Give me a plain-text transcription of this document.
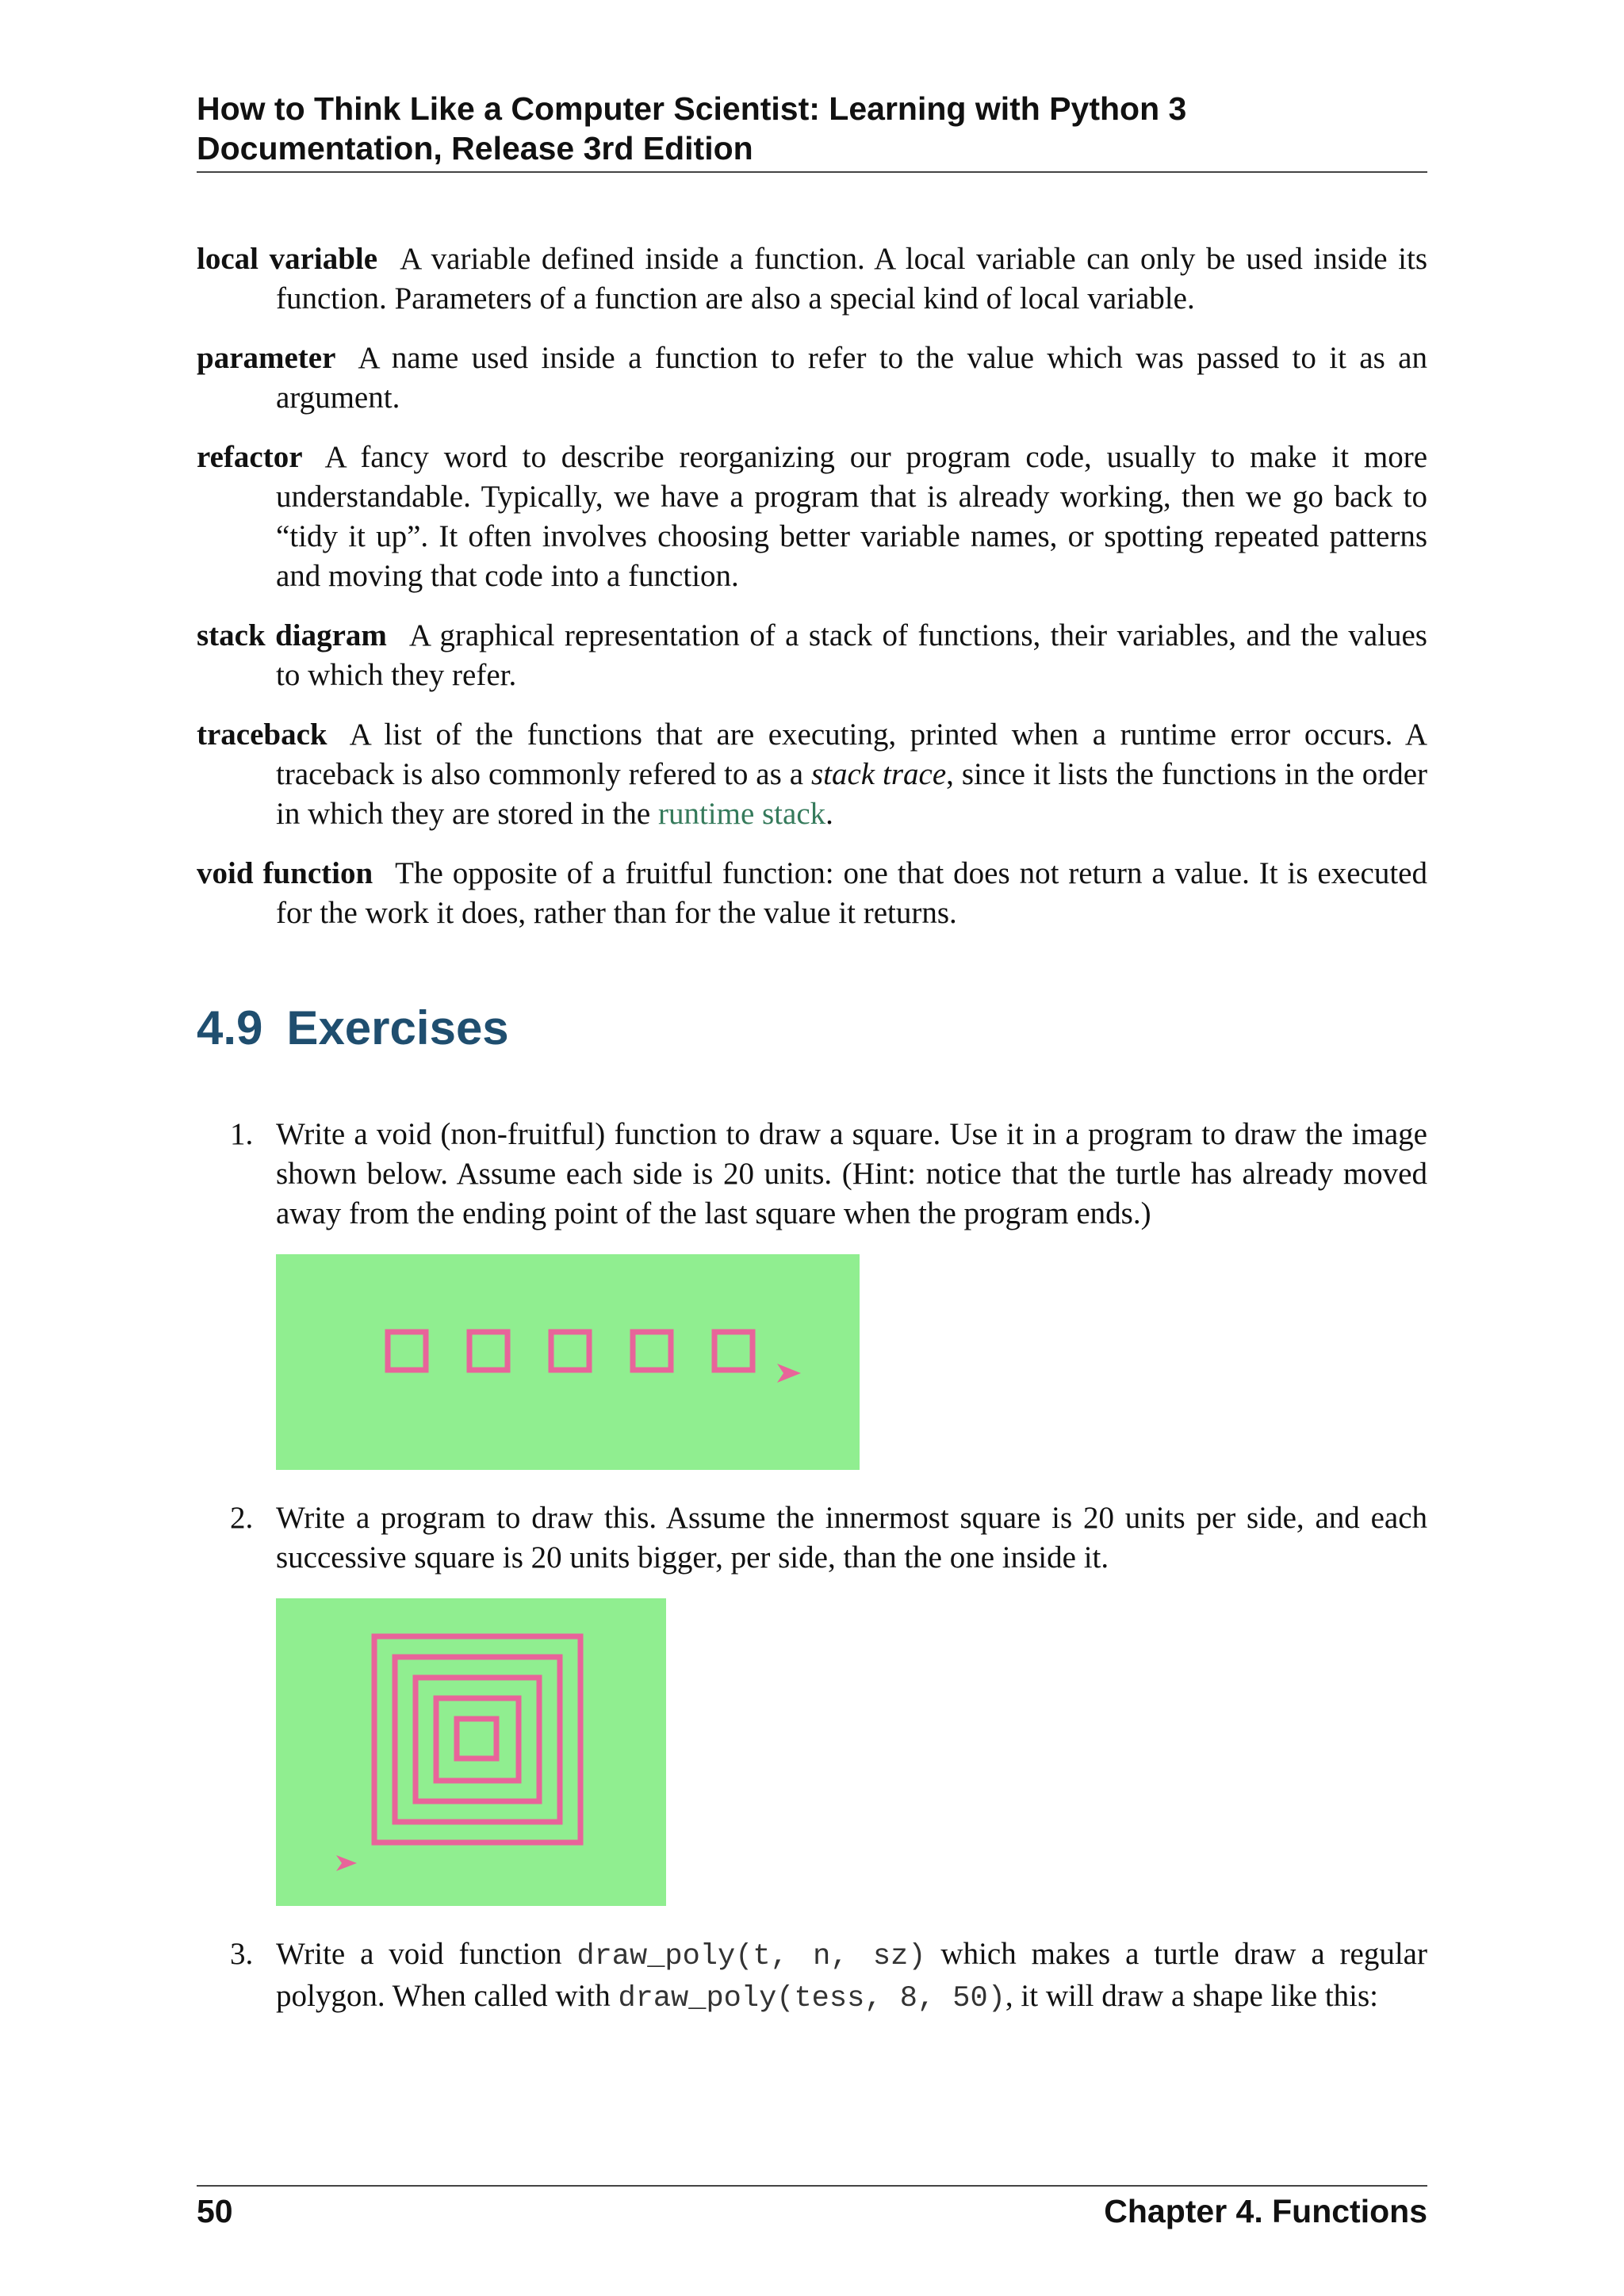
How to Think Like a Computer Scientist: Learning with Python 3
Documentation, Release 3rd Edition

local variable A variable defined inside a function. A local variable can only be used inside its function. Parameters of a function are also a special kind of local variable.

parameter A name used inside a function to refer to the value which was passed to it as an argument.

refactor A fancy word to describe reorganizing our program code, usually to make it more understandable. Typically, we have a program that is already working, then we go back to “tidy it up”. It often involves choosing better variable names, or spotting repeated patterns and moving that code into a function.

stack diagram A graphical representation of a stack of functions, their variables, and the values to which they refer.

traceback A list of the functions that are executing, printed when a runtime error occurs. A traceback is also commonly refered to as a stack trace, since it lists the functions in the order in which they are stored in the runtime stack.

void function The opposite of a fruitful function: one that does not return a value. It is executed for the work it does, rather than for the value it returns.

4.9 Exercises
1. Write a void (non-fruitful) function to draw a square. Use it in a program to draw the image shown below. Assume each side is 20 units. (Hint: notice that the turtle has already moved away from the ending point of the last square when the program ends.)
2. Write a program to draw this. Assume the innermost square is 20 units per side, and each successive square is 20 units bigger, per side, than the one inside it.
3. Write a void function draw_poly(t, n, sz) which makes a turtle draw a regular polygon. When called with draw_poly(tess, 8, 50), it will draw a shape like this:
50	Chapter 4. Functions
